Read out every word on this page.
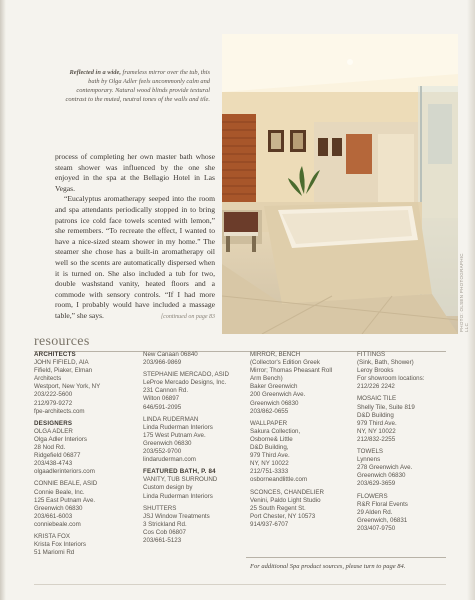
Reflected in a wide, frameless mirror over the tub, this bath by Olga Adler feels uncommonly calm and contemporary. Natural wood blinds provide textural contrast to the muted, neutral tones of the walls and tile.

process of completing her own master bath whose steam shower was influenced by the one she enjoyed in the spa at the Bellagio Hotel in Las Vegas.

“Eucalyptus aromatherapy seeped into the room and spa attendants periodically stopped in to bring patrons ice cold face towels scented with lemon,” she remembers. “To recreate the effect, I wanted to have a nice-sized steam shower in my home.” The steamer she chose has a built-in aromatherapy oil well so the scents are automatically dispersed when it is turned on. She also included a tub for two, double washstand vanity, heated floors and a commode with sensory controls. “If I had more room, I probably would have included a massage table,” she says.	[continued on page 83	PHOTO: OLSEN PHOTOGRAPHIC LLC
resources
ARCHITECTS
JOHN FIFIELD, AIA
Fifield, Piaker, Elman
Architects
Westport, New York, NY
203/222-5600
212/979-9272
fpe-architects.com
DESIGNERS
OLGA ADLER
Olga Adler Interiors
28 Nod Rd.
Ridgefield 06877
203/438-4743
olgaadlerinteriors.com
CONNIE BEALE, ASID
Connie Beale, Inc.
125 East Putnam Ave.
Greenwich 06830
203/661-6003
conniebeale.com
KRISTA FOX
Krista Fox Interiors
51 Mariomi Rd
New Canaan 06840
203/966-9869
STEPHANIE MERCADO, ASID
LeProe Mercado Designs, Inc.
231 Cannon Rd.
Wilton 06897
646/591-2095
LINDA RUDERMAN
Linda Ruderman Interiors
175 West Putnam Ave.
Greenwich 06830
203/552-9700
lindaruderman.com
FEATURED BATH, P. 84
VANITY, TUB SURROUND
Custom design by
Linda Ruderman Interiors
SHUTTERS
JSJ Window Treatments
3 Strickland Rd.
Cos Cob 06807
203/661-5123
MIRROR, BENCH
(Collector's Edition Greek
Mirror; Thomas Pheasant Roll
Arm Bench)
Baker Greenwich
200 Greenwich Ave.
Greenwich 06830
203/862-0655
WALLPAPER
Sakura Collection,
Osborne& Little
D&D Building,
979 Third Ave.
NY, NY 10022
212/751-3333
osborneandlittle.com
SCONCES, CHANDELIER
Venini, Paldo Light Studio
25 South Regent St.
Port Chester, NY 10573
914/937-6707
FITTINGS
(Sink, Bath, Shower)
Leroy Brooks
For showroom locations:
212/226 2242
MOSAIC TILE
Shelly Tile, Suite 819
D&D Building
979 Third Ave.
NY, NY 10022
212/832-2255
TOWELS
Lynnens
278 Greenwich Ave.
Greenwich 06830
203/629-3659
FLOWERS
R&R Floral Events
29 Alden Rd.
Greenwich, 06831
203/407-9750
For additional Spa product sources, please turn to page 84.
